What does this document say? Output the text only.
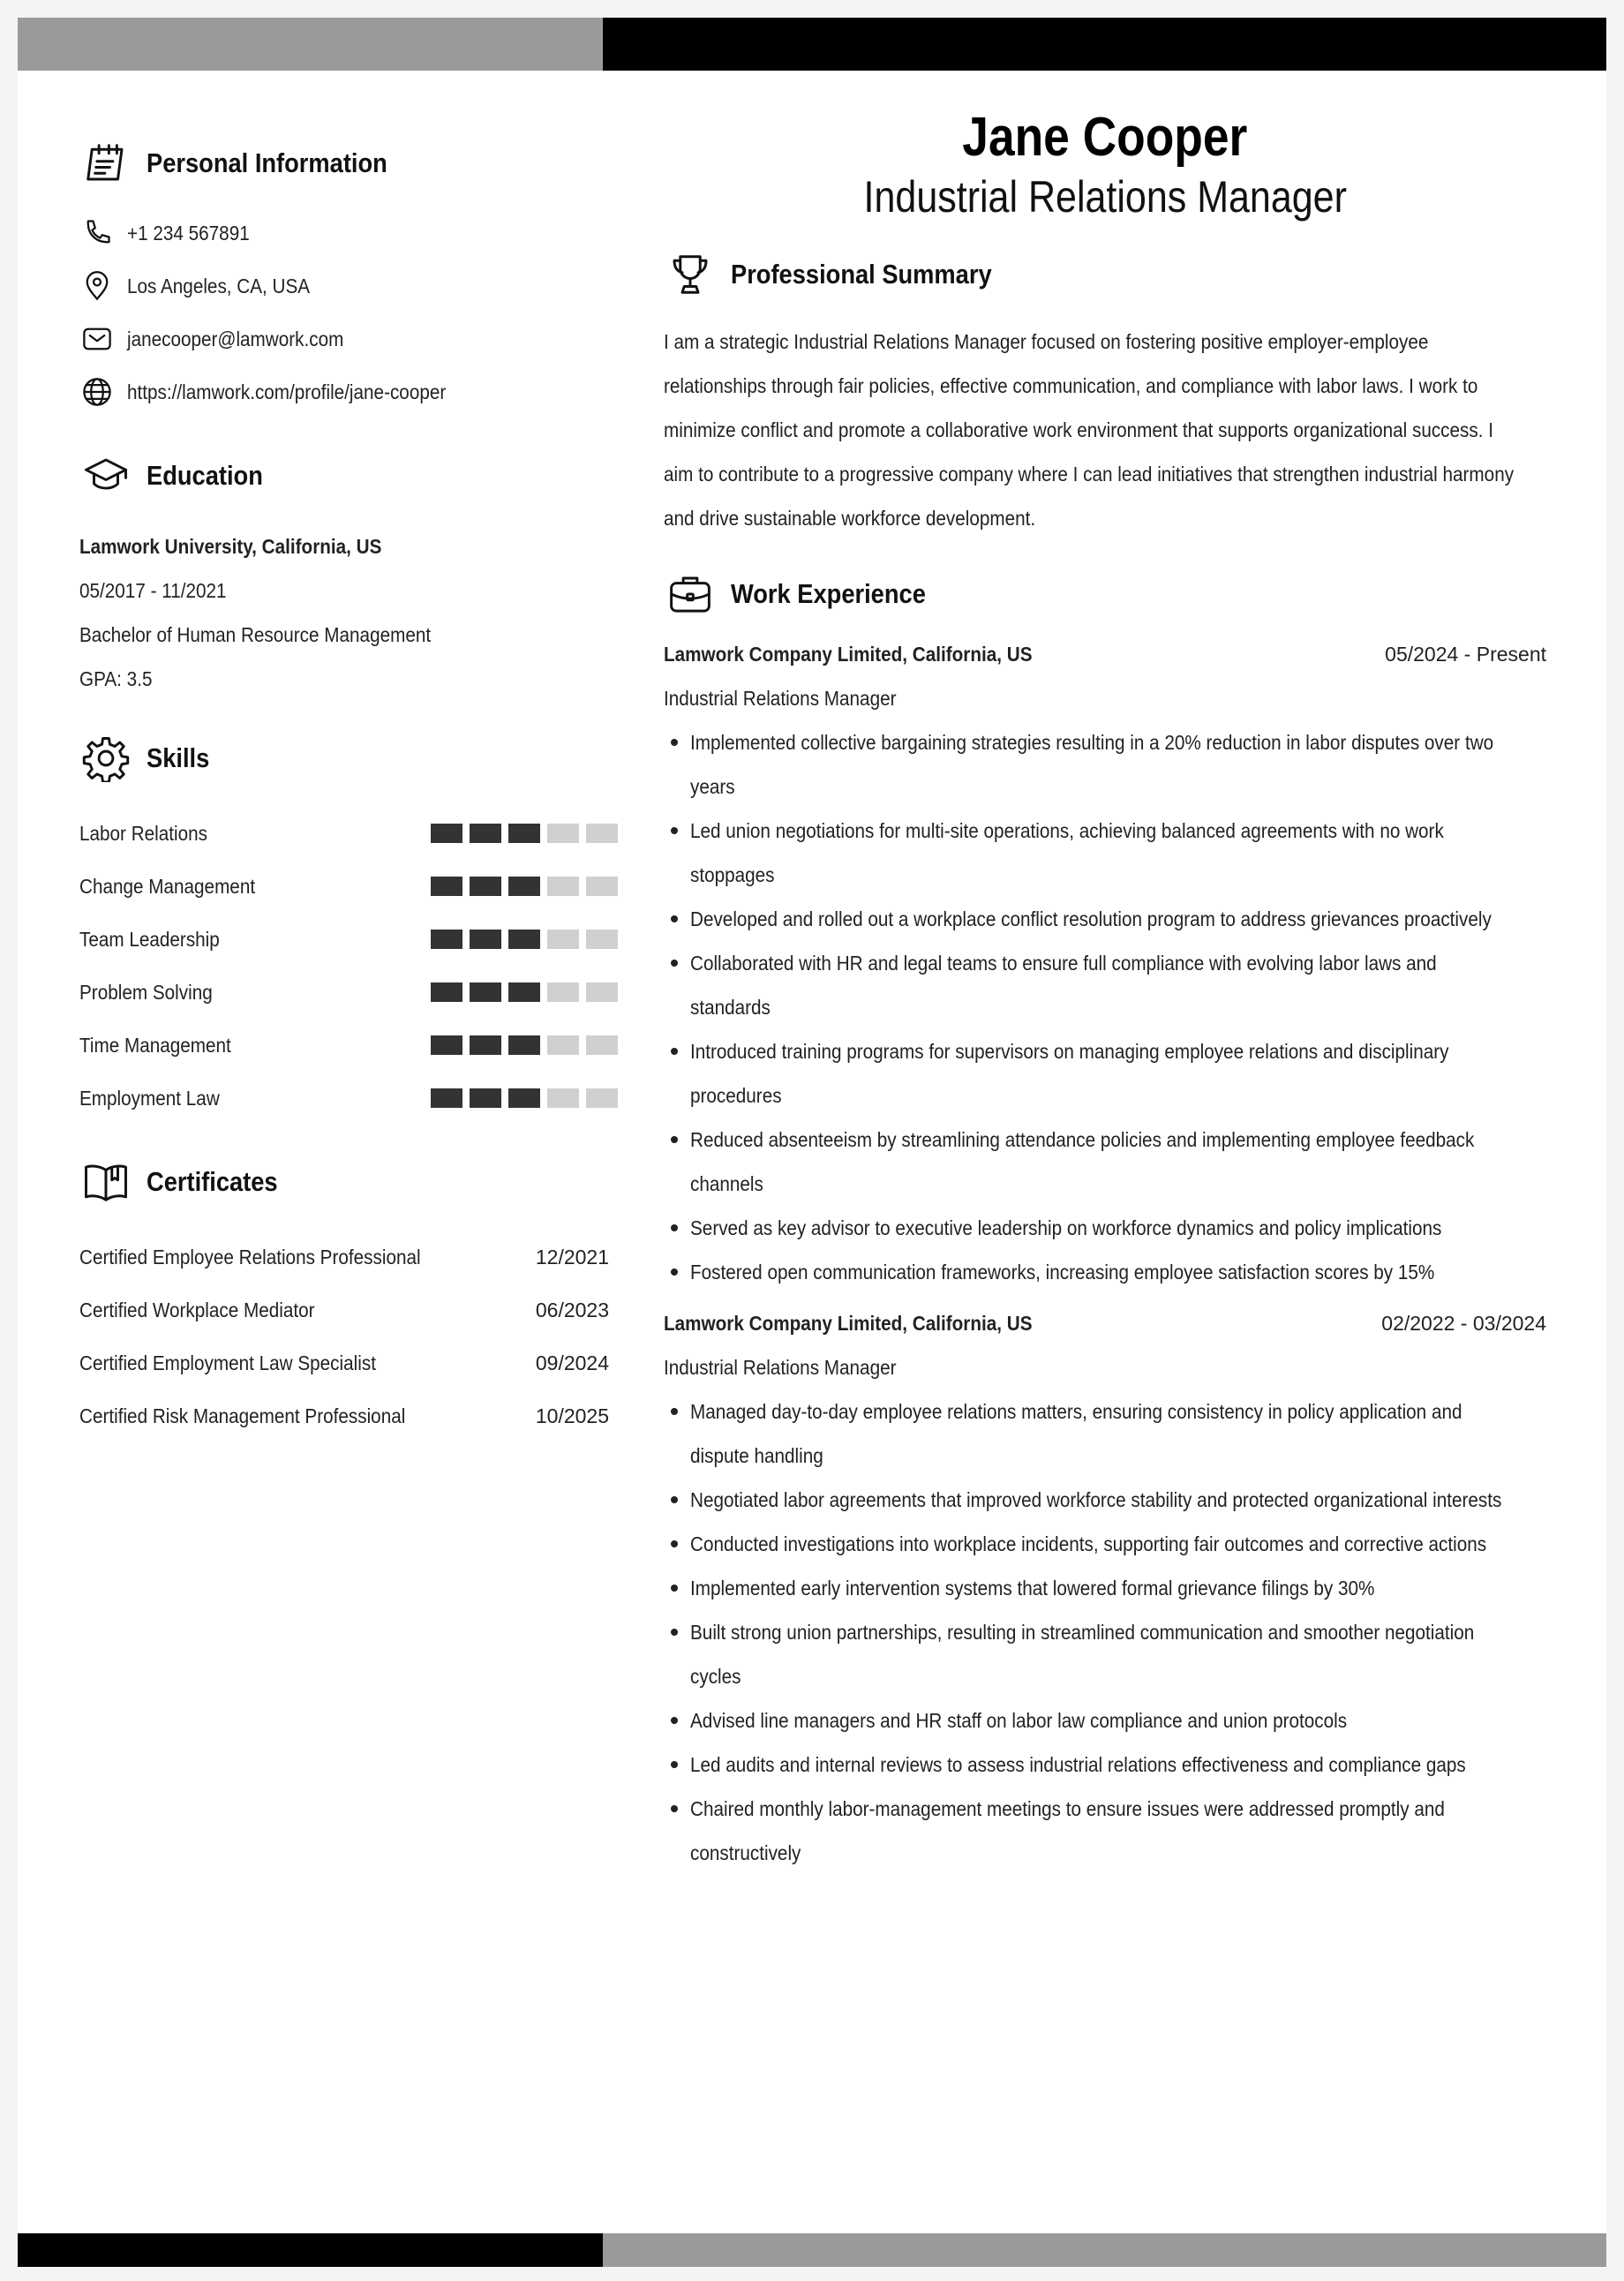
Personal Information
+1 234 567891
Los Angeles, CA, USA
janecooper@lamwork.com
https://lamwork.com/profile/jane-cooper
Education
Lamwork University, California, US
05/2017 - 11/2021
Bachelor of Human Resource Management
GPA: 3.5
Skills
Labor Relations
Change Management
Team Leadership
Problem Solving
Time Management
Employment Law
Certificates
Certified Employee Relations Professional	12/2021
Certified Workplace Mediator	06/2023
Certified Employment Law Specialist	09/2024
Certified Risk Management Professional	10/2025
Jane Cooper
Industrial Relations Manager
Professional Summary
I am a strategic Industrial Relations Manager focused on fostering positive employer-employee
relationships through fair policies, effective communication, and compliance with labor laws. I work to
minimize conflict and promote a collaborative work environment that supports organizational success. I
aim to contribute to a progressive company where I can lead initiatives that strengthen industrial harmony
and drive sustainable workforce development.
Work Experience
Lamwork Company Limited, California, US	05/2024 - Present
Industrial Relations Manager
Implemented collective bargaining strategies resulting in a 20% reduction in labor disputes over two
years
Led union negotiations for multi-site operations, achieving balanced agreements with no work
stoppages
Developed and rolled out a workplace conflict resolution program to address grievances proactively
Collaborated with HR and legal teams to ensure full compliance with evolving labor laws and
standards
Introduced training programs for supervisors on managing employee relations and disciplinary
procedures
Reduced absenteeism by streamlining attendance policies and implementing employee feedback
channels
Served as key advisor to executive leadership on workforce dynamics and policy implications
Fostered open communication frameworks, increasing employee satisfaction scores by 15%
Lamwork Company Limited, California, US	02/2022 - 03/2024
Industrial Relations Manager
Managed day-to-day employee relations matters, ensuring consistency in policy application and
dispute handling
Negotiated labor agreements that improved workforce stability and protected organizational interests
Conducted investigations into workplace incidents, supporting fair outcomes and corrective actions
Implemented early intervention systems that lowered formal grievance filings by 30%
Built strong union partnerships, resulting in streamlined communication and smoother negotiation
cycles
Advised line managers and HR staff on labor law compliance and union protocols
Led audits and internal reviews to assess industrial relations effectiveness and compliance gaps
Chaired monthly labor-management meetings to ensure issues were addressed promptly and
constructively
